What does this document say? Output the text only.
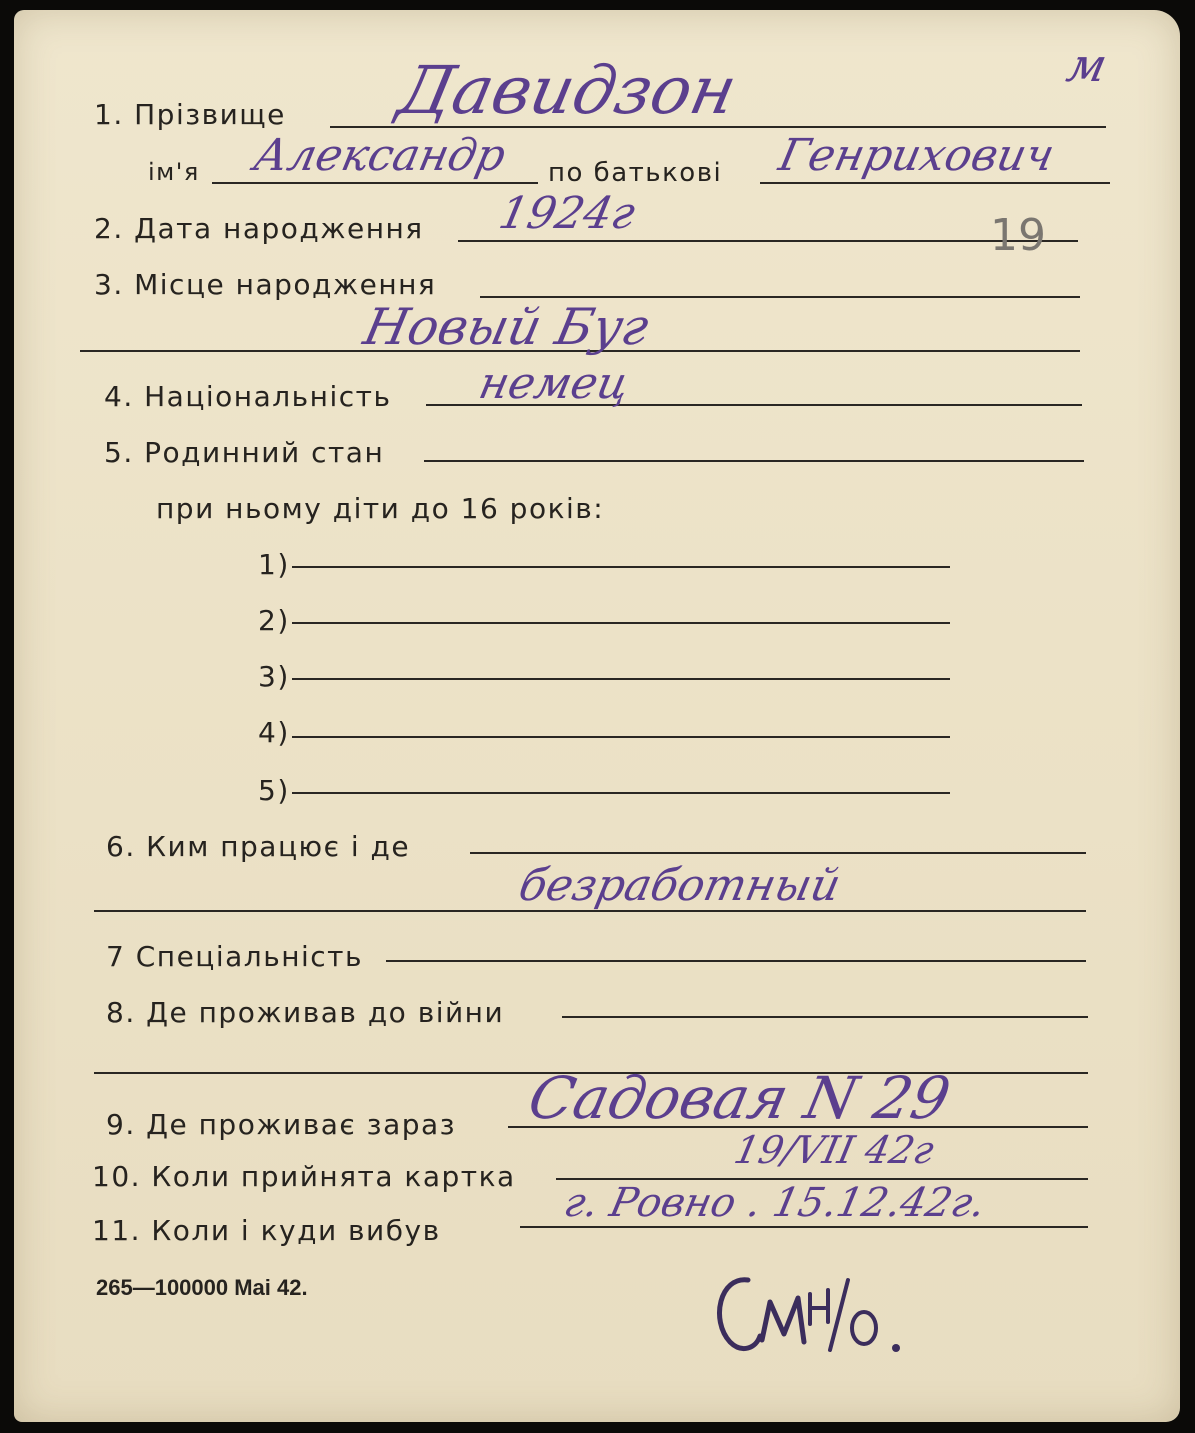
м
1. Прізвище Давидзон
ім'я Александр по батькові Генрихович
2. Дата народження 1924г	19
3. Місце народження
Новый Буг
4. Національність немец
5. Родинний стан
при ньому діти до 16 років:
1)
2)
3)
4)
5)
6. Ким працює і де
безработный
7 Спеціальність
8. Де проживав до війни
9. Де проживає зараз Садовая N 29
10. Коли прийнята картка
19/VII 42г
11. Коли і куди вибув
г. Ровно . 15.12.42г.
265—100000 Mai 42.
